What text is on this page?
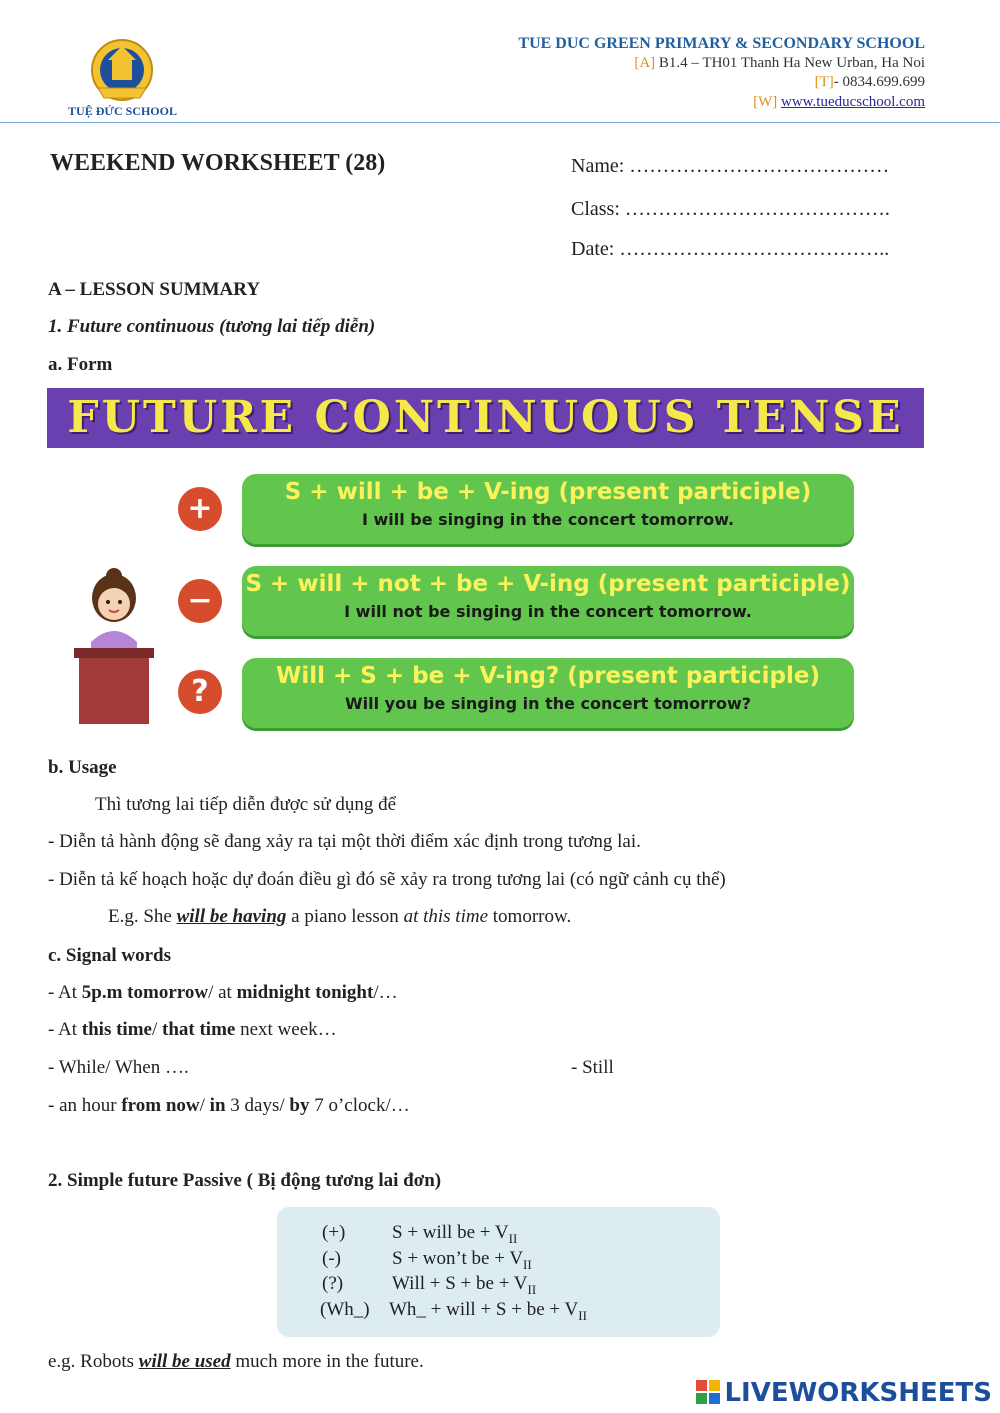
TUỆ ĐỨC SCHOOL
TUE DUC GREEN PRIMARY & SECONDARY SCHOOL
[A] B1.4 – TH01 Thanh Ha New Urban, Ha Noi
[T]- 0834.699.699
[W] www.tueducschool.com
WEEKEND WORKSHEET (28)	Name: …………………………………
Class: ………………………………….
Date: …………………………………..
A – LESSON SUMMARY
1. Future continuous (tương lai tiếp diễn)
a. Form
FUTURE CONTINUOUS TENSE
+	S + will + be + V-ing (present participle)
I will be singing in the concert tomorrow.
−	S + will + not + be + V-ing (present participle)
I will not be singing in the concert tomorrow.
?	Will + S + be + V-ing? (present participle)
Will you be singing in the concert tomorrow?
b. Usage
Thì tương lai tiếp diễn được sử dụng để
- Diễn tả hành động sẽ đang xảy ra tại một thời điểm xác định trong tương lai.
- Diễn tả kế hoạch hoặc dự đoán điều gì đó sẽ xảy ra trong tương lai (có ngữ cảnh cụ thể)
E.g. She will be having a piano lesson at this time tomorrow.
c. Signal words
- At 5p.m tomorrow/ at midnight tonight/…
- At this time/ that time next week…
- While/ When ….	- Still
- an hour from now/ in 3 days/ by 7 o’clock/…
2. Simple future Passive ( Bị động tương lai đơn)
(+) S + will be + $V_{II}$
(-)	S + won’t be + $V_{II}$
(?)	Will + S + be + $V_{II}$
(Wh_) Wh_ + will + S + be + $V_{II}$
e.g. Robots will be used much more in the future.
LIVEWORKSHEETS
